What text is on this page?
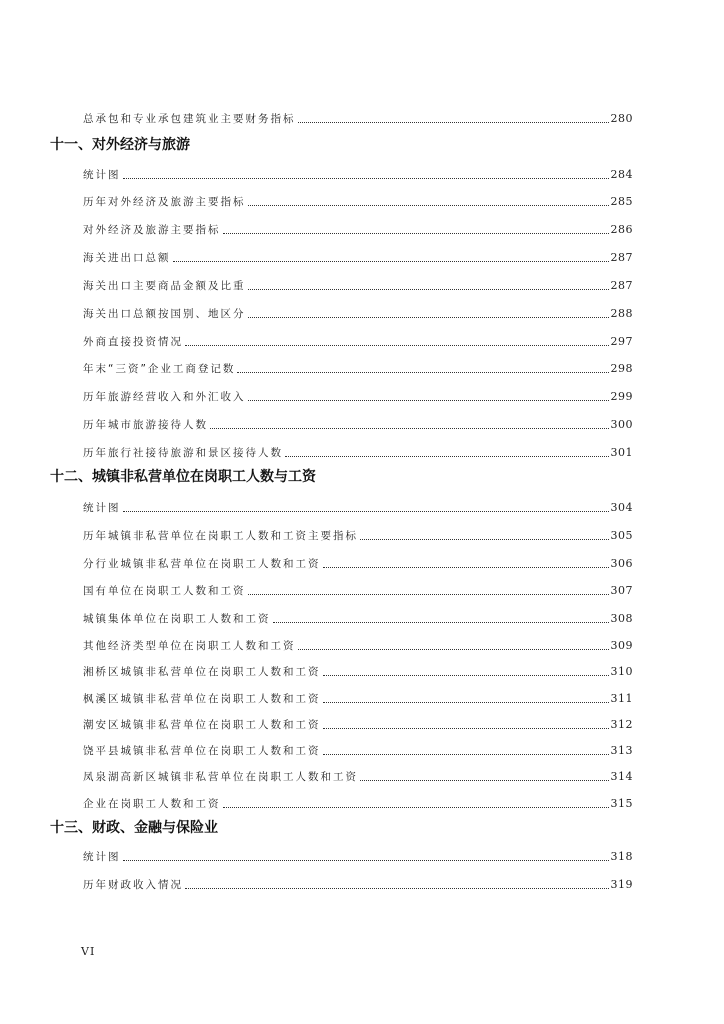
总承包和专业承包建筑业主要财务指标	280
十一、对外经济与旅游
统计图	284
历年对外经济及旅游主要指标	285
对外经济及旅游主要指标	286
海关进出口总额	287
海关出口主要商品金额及比重	287
海关出口总额按国别、地区分	288
外商直接投资情况	297
年末“三资”企业工商登记数	298
历年旅游经营收入和外汇收入	299
历年城市旅游接待人数	300
历年旅行社接待旅游和景区接待人数	301
十二、城镇非私营单位在岗职工人数与工资
统计图	304
历年城镇非私营单位在岗职工人数和工资主要指标	305
分行业城镇非私营单位在岗职工人数和工资	306
国有单位在岗职工人数和工资	307
城镇集体单位在岗职工人数和工资	308
其他经济类型单位在岗职工人数和工资	309
湘桥区城镇非私营单位在岗职工人数和工资	310
枫溪区城镇非私营单位在岗职工人数和工资	311
潮安区城镇非私营单位在岗职工人数和工资	312
饶平县城镇非私营单位在岗职工人数和工资	313
凤泉湖高新区城镇非私营单位在岗职工人数和工资	314
企业在岗职工人数和工资	315
十三、财政、金融与保险业
统计图	318
历年财政收入情况	319
VI
